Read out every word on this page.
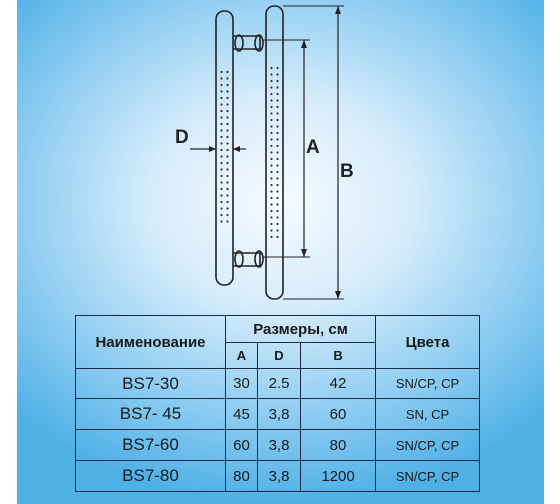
D	A
B
Наименование	Размеры, см			Цвета
	A	D	B	
BS7-30	30	2.5	42	SN/CP, CP
BS7- 45	45	3,8	60	SN, CP
BS7-60	60	3,8	80	SN/CP, CP
BS7-80	80	3,8	1200	SN/CP, CP
